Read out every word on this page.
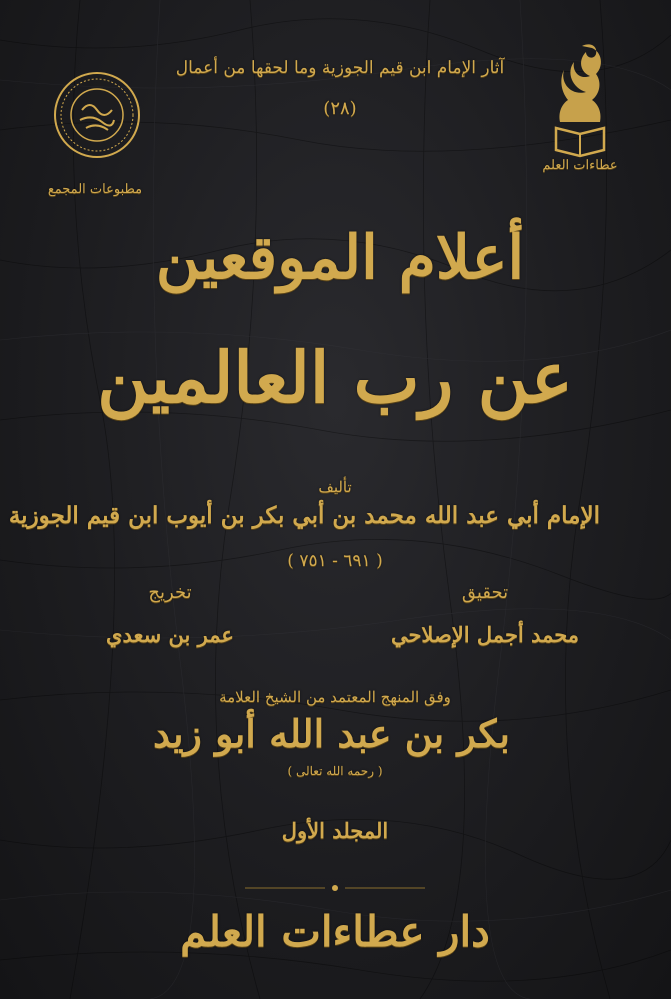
آثار الإمام ابن قيم الجوزية وما لحقها من أعمال
(٢٨)
عطاءات العلم
مطبوعات المجمع
أعلام الموقعين
عن رب العالمين
تأليف
الإمام أبي عبد الله محمد بن أبي بكر بن أيوب ابن قيم الجوزية
( ٦٩١ - ٧٥١ )
تحقيق
محمد أجمل الإصلاحي
تخريج
عمر بن سعدي
وفق المنهج المعتمد من الشيخ العلامة
بكر بن عبد الله أبو زيد
( رحمه الله تعالى )
المجلد الأول
دار عطاءات العلم
